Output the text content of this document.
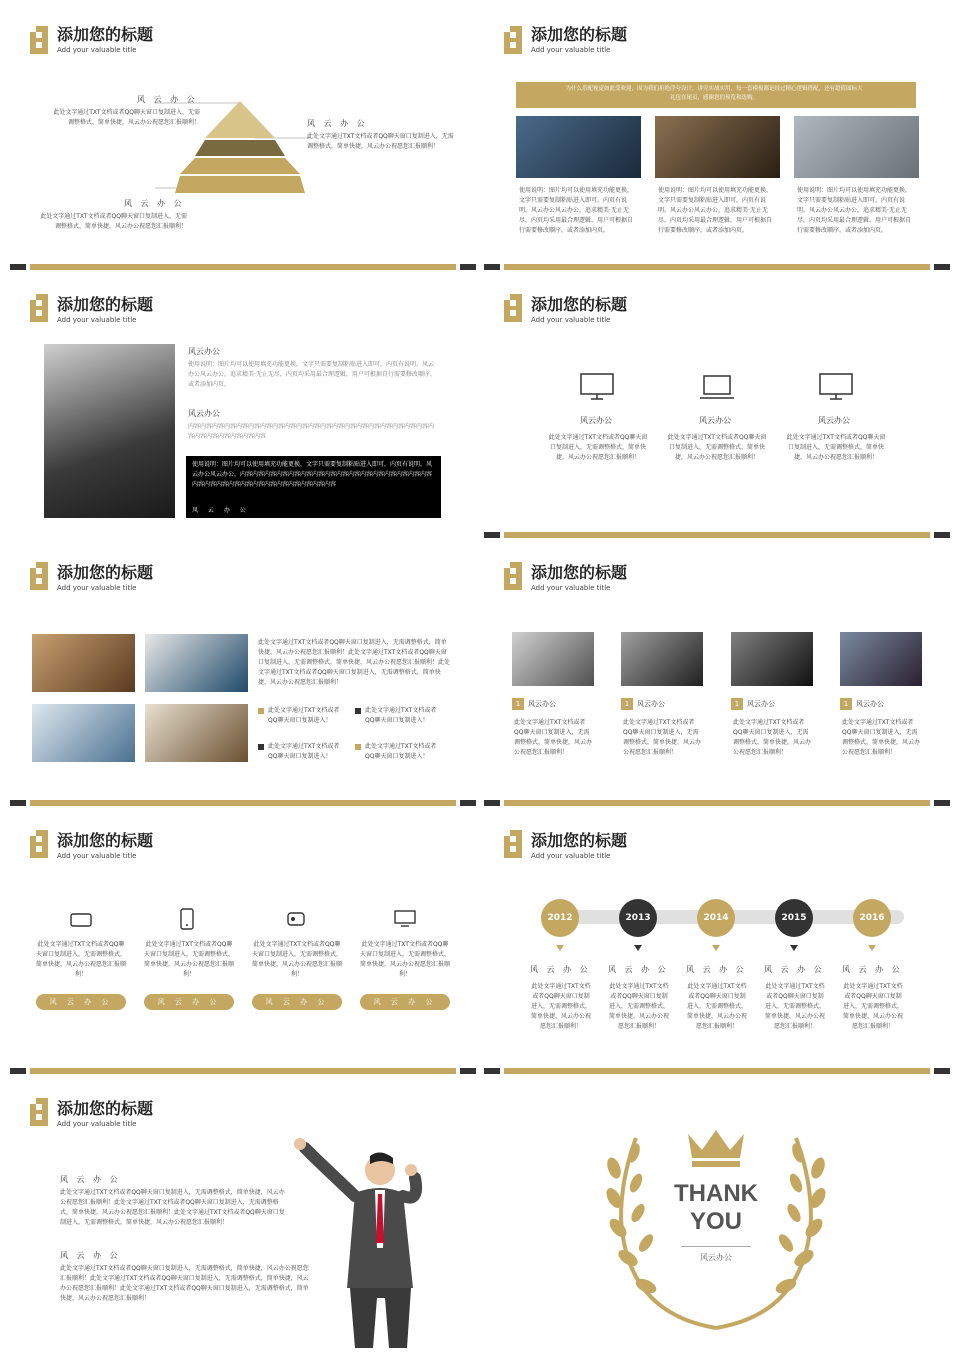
添加您的标题
Add your valuable title
风 云 办 公
此处文字通过TXT文档或者QQ聊天窗口复制进入，无需调整格式，简单快捷，风云办公祝愿您汇报顺利！	风 云 办 公
此处文字通过TXT文档或者QQ聊天窗口复制进入，无需调整格式，简单快捷，风云办公祝愿您汇报顺利！
风 云 办 公
此处文字通过TXT文档或者QQ聊天窗口复制进入，无需调整格式，简单快捷，风云办公祝愿您汇报顺利！
添加您的标题
Add your valuable title
为什么乐配视觉如此受欢迎，因为我们拒绝浮夸设计，讲究实战实用，每一套模板都是经过精心逻辑搭配，还有超值图标大礼包在尾页，感谢您的预览和选购。
使用说明：图片均可以使用填充功能更换，文字只需要复制粘贴进入即可，内页有说明。风云办公风云办公，追求精美·无止无尽，内页均采用最合理逻辑，用户可根据自行需要修改顺序，或者添加内页。
使用说明：图片均可以使用填充功能更换，文字只需要复制粘贴进入即可，内页有说明。风云办公风云办公，追求精美·无止无尽，内页均采用最合理逻辑，用户可根据自行需要修改顺序，或者添加内页。
使用说明：图片均可以使用填充功能更换，文字只需要复制粘贴进入即可，内页有说明。风云办公风云办公，追求精美·无止无尽，内页均采用最合理逻辑，用户可根据自行需要修改顺序，或者添加内页。
添加您的标题
Add your valuable title
风云办公
使用说明：图片均可以使用填充功能更换，文字只需要复制粘贴进入即可，内页有说明。风云办公风云办公，追求精美·无止无尽，内页均采用最合理逻辑，用户可根据自行需要修改顺序，或者添加内页。
风云办公
内容内容内容内容内容内容内容内容内容内容内容内容内容内容内容内容内容内容内容内容内容内容内容内容内容内容内容
使用说明：图片均可以使用填充功能更换，文字只需要复制粘贴进入即可，内页有说明。风云办公风云办公，内容内容内容内容内容内容内容内容内容内容内容内容内容内容内容内容内容内容内容内容内容内容内容内容内容内容内容内容
风 云 办 公
添加您的标题
Add your valuable title
风云办公
此处文字通过TXT文档或者QQ聊天窗口复制进入，无需调整格式，简单快捷，风云办公祝愿您汇报顺利！
风云办公
此处文字通过TXT文档或者QQ聊天窗口复制进入，无需调整格式，简单快捷，风云办公祝愿您汇报顺利！
风云办公
此处文字通过TXT文档或者QQ聊天窗口复制进入，无需调整格式，简单快捷，风云办公祝愿您汇报顺利！
添加您的标题
Add your valuable title
此处文字通过TXT文档或者QQ聊天窗口复制进入，无需调整格式，简单快捷，风云办公祝愿您汇报顺利！此处文字通过TXT文档或者QQ聊天窗口复制进入，无需调整格式，简单快捷，风云办公祝愿您汇报顺利！此处文字通过TXT文档或者QQ聊天窗口复制进入，无需调整格式，简单快捷，风云办公祝愿您汇报顺利！
此处文字通过TXT文档或者QQ聊天窗口复制进入！
此处文字通过TXT文档或者QQ聊天窗口复制进入！
此处文字通过TXT文档或者QQ聊天窗口复制进入！
此处文字通过TXT文档或者QQ聊天窗口复制进入！
添加您的标题
Add your valuable title
1	风云办公
此处文字通过TXT文档或者QQ聊天窗口复制进入，无需调整格式，简单快捷，风云办公祝愿您汇报顺利！
1	风云办公
此处文字通过TXT文档或者QQ聊天窗口复制进入，无需调整格式，简单快捷，风云办公祝愿您汇报顺利！
1	风云办公
此处文字通过TXT文档或者QQ聊天窗口复制进入，无需调整格式，简单快捷，风云办公祝愿您汇报顺利！
1	风云办公
此处文字通过TXT文档或者QQ聊天窗口复制进入，无需调整格式，简单快捷，风云办公祝愿您汇报顺利！
添加您的标题
Add your valuable title
此处文字通过TXT文档或者QQ聊天窗口复制进入，无需调整格式，简单快捷，风云办公祝愿您汇报顺利！
此处文字通过TXT文档或者QQ聊天窗口复制进入，无需调整格式，简单快捷，风云办公祝愿您汇报顺利！
此处文字通过TXT文档或者QQ聊天窗口复制进入，无需调整格式，简单快捷，风云办公祝愿您汇报顺利！
此处文字通过TXT文档或者QQ聊天窗口复制进入，无需调整格式，简单快捷，风云办公祝愿您汇报顺利！
风 云 办 公	风 云 办 公	风 云 办 公	风 云 办 公
添加您的标题
Add your valuable title
2012	2013	2014	2015	2016
风 云 办 公 风 云 办 公 风 云 办 公 风 云 办 公 风 云 办 公
此处文字通过TXT文档或者QQ聊天窗口复制进入，无需调整格式，简单快捷，风云办公祝愿您汇报顺利！
此处文字通过TXT文档或者QQ聊天窗口复制进入，无需调整格式，简单快捷，风云办公祝愿您汇报顺利！
此处文字通过TXT文档或者QQ聊天窗口复制进入，无需调整格式，简单快捷，风云办公祝愿您汇报顺利！
此处文字通过TXT文档或者QQ聊天窗口复制进入，无需调整格式，简单快捷，风云办公祝愿您汇报顺利！
此处文字通过TXT文档或者QQ聊天窗口复制进入，无需调整格式，简单快捷，风云办公祝愿您汇报顺利！
添加您的标题
Add your valuable title
风 云 办 公
此处文字通过TXT文档或者QQ聊天窗口复制进入，无需调整格式，简单快捷，风云办公祝愿您汇报顺利！此处文字通过TXT文档或者QQ聊天窗口复制进入，无需调整格式，简单快捷，风云办公祝愿您汇报顺利！此处文字通过TXT文档或者QQ聊天窗口复制进入，无需调整格式，简单快捷，风云办公祝愿您汇报顺利！
风 云 办 公
此处文字通过TXT文档或者QQ聊天窗口复制进入，无需调整格式，简单快捷，风云办公祝愿您汇报顺利！此处文字通过TXT文档或者QQ聊天窗口复制进入，无需调整格式，简单快捷，风云办公祝愿您汇报顺利！此处文字通过TXT文档或者QQ聊天窗口复制进入，无需调整格式，简单快捷，风云办公祝愿您汇报顺利！
THANK
YOU
风云办公
